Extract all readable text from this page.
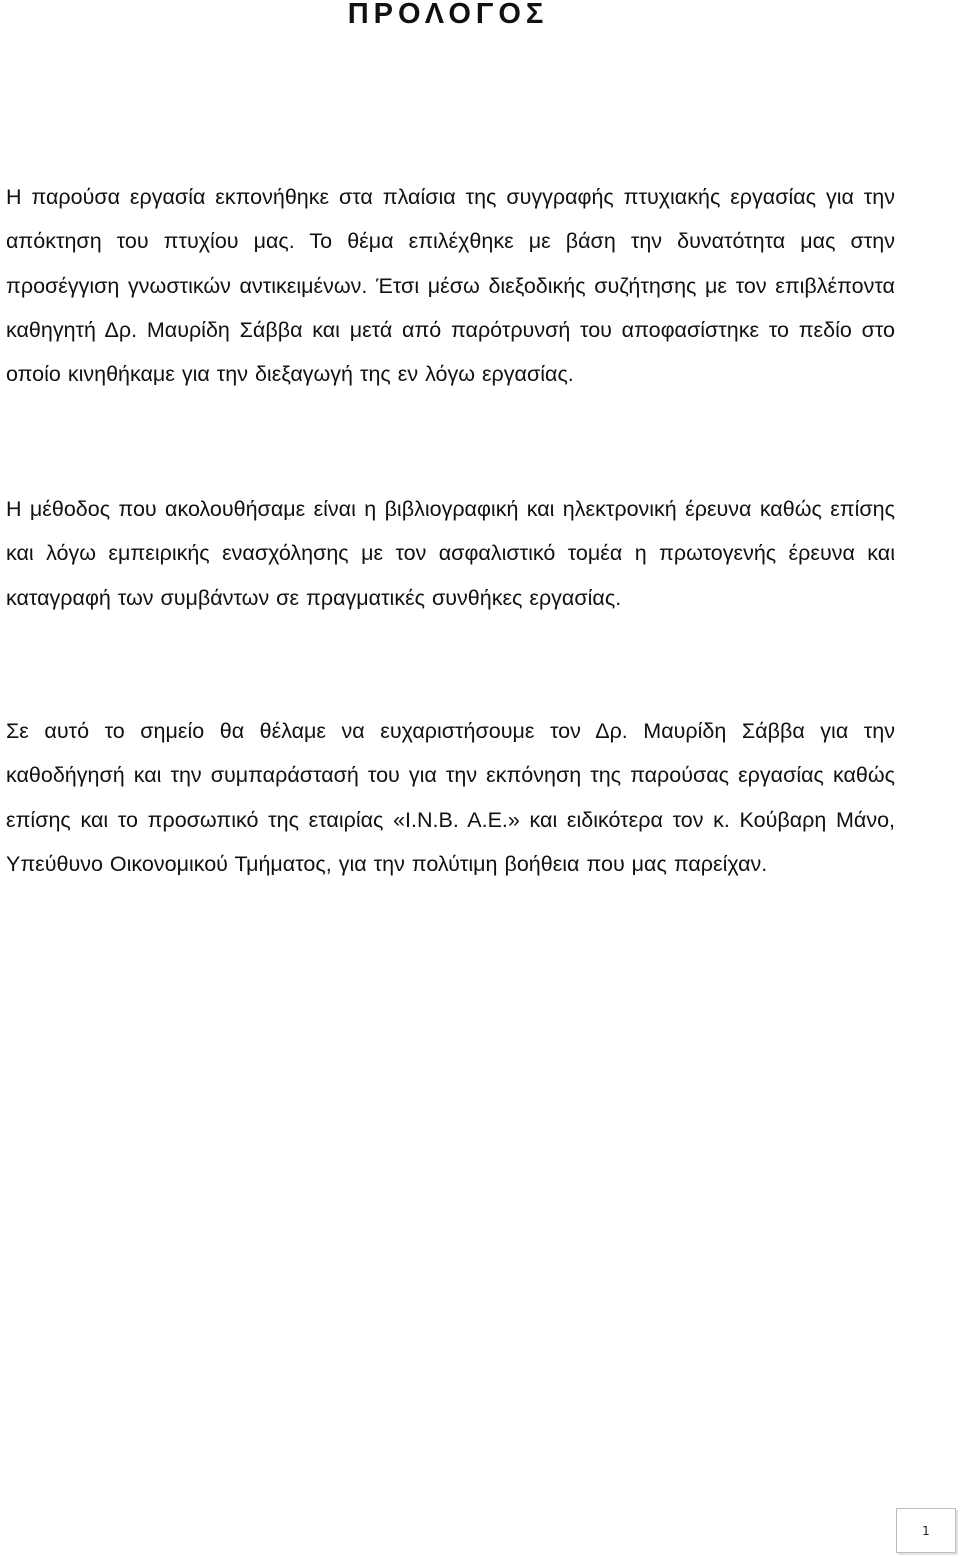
ΠΡΟΛΟΓΟΣ

Η παρούσα εργασία εκπονήθηκε στα πλαίσια της συγγραφής πτυχιακής εργασίας για την απόκτηση του πτυχίου μας. Το θέμα επιλέχθηκε με βάση την δυνατότητα μας στην προσέγγιση γνωστικών αντικειμένων. Έτσι μέσω διεξοδικής συζήτησης με τον επιβλέποντα καθηγητή Δρ. Μαυρίδη Σάββα και μετά από παρότρυνσή του αποφασίστηκε το πεδίο στο οποίο κινηθήκαμε για την διεξαγωγή της εν λόγω εργασίας.

Η μέθοδος που ακολουθήσαμε είναι η βιβλιογραφική και ηλεκτρονική έρευνα καθώς επίσης και λόγω εμπειρικής ενασχόλησης με τον ασφαλιστικό τομέα η πρωτογενής έρευνα και καταγραφή των συμβάντων σε πραγματικές συνθήκες εργασίας.

Σε αυτό το σημείο θα θέλαμε να ευχαριστήσουμε τον Δρ. Μαυρίδη Σάββα για την καθοδήγησή και την συμπαράστασή του για την εκπόνηση της παρούσας εργασίας καθώς επίσης και το προσωπικό της εταιρίας «Ι.Ν.Β. Α.Ε.» και ειδικότερα τον κ. Κούβαρη Μάνο, Υπεύθυνο Οικονομικού Τμήματος, για την πολύτιμη βοήθεια που μας παρείχαν.

1
